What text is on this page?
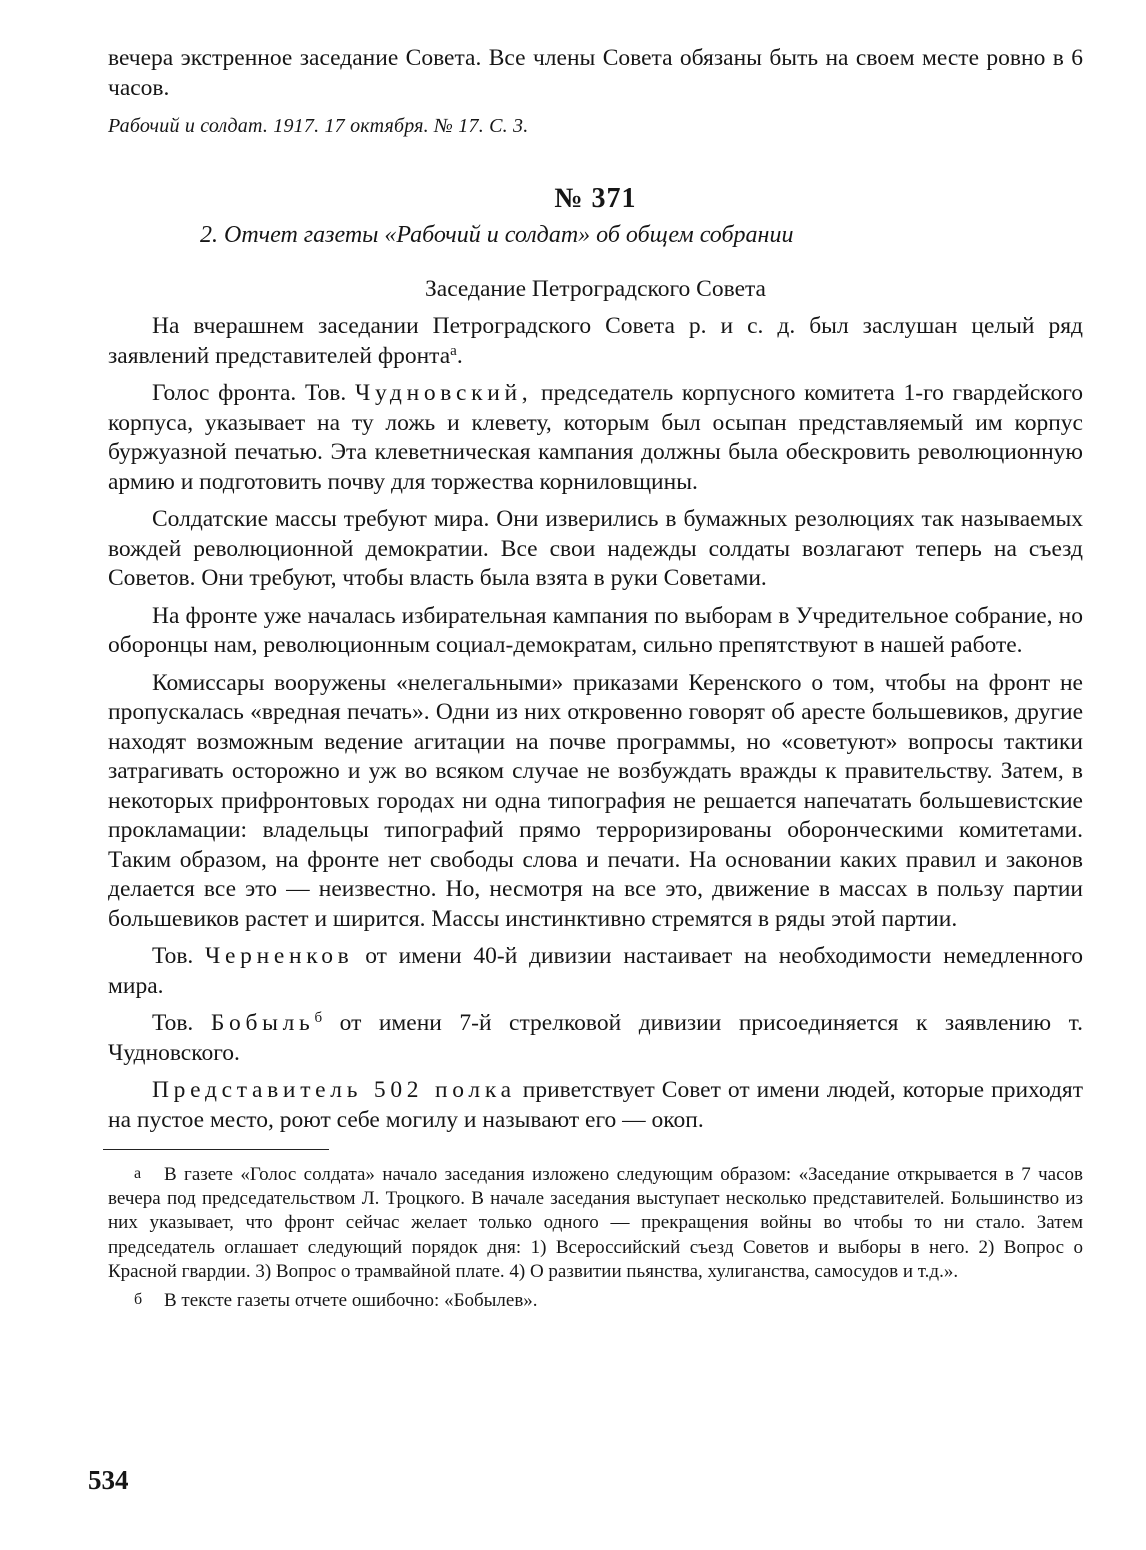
вечера экстренное заседание Совета. Все члены Совета обязаны быть на своем месте ровно в 6 часов.

Рабочий и солдат. 1917. 17 октября. № 17. С. 3.
№ 371
2. Отчет газеты «Рабочий и солдат» об общем собрании
Заседание Петроградского Совета

На вчерашнем заседании Петроградского Совета р. и с. д. был заслушан целый ряд заявлений представителей фронта$^а$.

Голос фронта. Тов. Чудновский, председатель корпусного комитета 1-го гвардейского корпуса, указывает на ту ложь и клевету, которым был осыпан представляемый им корпус буржуазной печатью. Эта клеветническая кампания должны была обескровить революционную армию и подготовить почву для торжества корниловщины.

Солдатские массы требуют мира. Они изверились в бумажных резолюциях так называемых вождей революционной демократии. Все свои надежды солдаты возлагают теперь на съезд Советов. Они требуют, чтобы власть была взята в руки Советами.

На фронте уже началась избирательная кампания по выборам в Учредительное собрание, но оборонцы нам, революционным социал-демократам, сильно препятствуют в нашей работе.

Комиссары вооружены «нелегальными» приказами Керенского о том, чтобы на фронт не пропускалась «вредная печать». Одни из них откровенно говорят об аресте большевиков, другие находят возможным ведение агитации на почве программы, но «советуют» вопросы тактики затрагивать осторожно и уж во всяком случае не возбуждать вражды к правительству. Затем, в некоторых прифронтовых городах ни одна типография не решается напечатать большевистские прокламации: владельцы типографий прямо терроризированы оборонческими комитетами. Таким образом, на фронте нет свободы слова и печати. На основании каких правил и законов делается все это — неизвестно. Но, несмотря на все это, движение в массах в пользу партии большевиков растет и ширится. Массы инстинктивно стремятся в ряды этой партии.

Тов. Черненков от имени 40-й дивизии настаивает на необходимости немедленного мира.

Тов. Бобыль$^б$ от имени 7-й стрелковой дивизии присоединяется к заявлению т. Чудновского.

Представитель 502 полка приветствует Совет от имени людей, которые приходят на пустое место, роют себе могилу и называют его — окоп.

а В газете «Голос солдата» начало заседания изложено следующим образом: «Заседание открывается в 7 часов вечера под председательством Л. Троцкого. В начале заседания выступает несколько представителей. Большинство из них указывает, что фронт сейчас желает только одного — прекращения войны во чтобы то ни стало. Затем председатель оглашает следующий порядок дня: 1) Всероссийский съезд Советов и выборы в него. 2) Вопрос о Красной гвардии. 3) Вопрос о трамвайной плате. 4) О развитии пьянства, хулиганства, самосудов и т.д.».

б В тексте газеты отчете ошибочно: «Бобылев».

534
